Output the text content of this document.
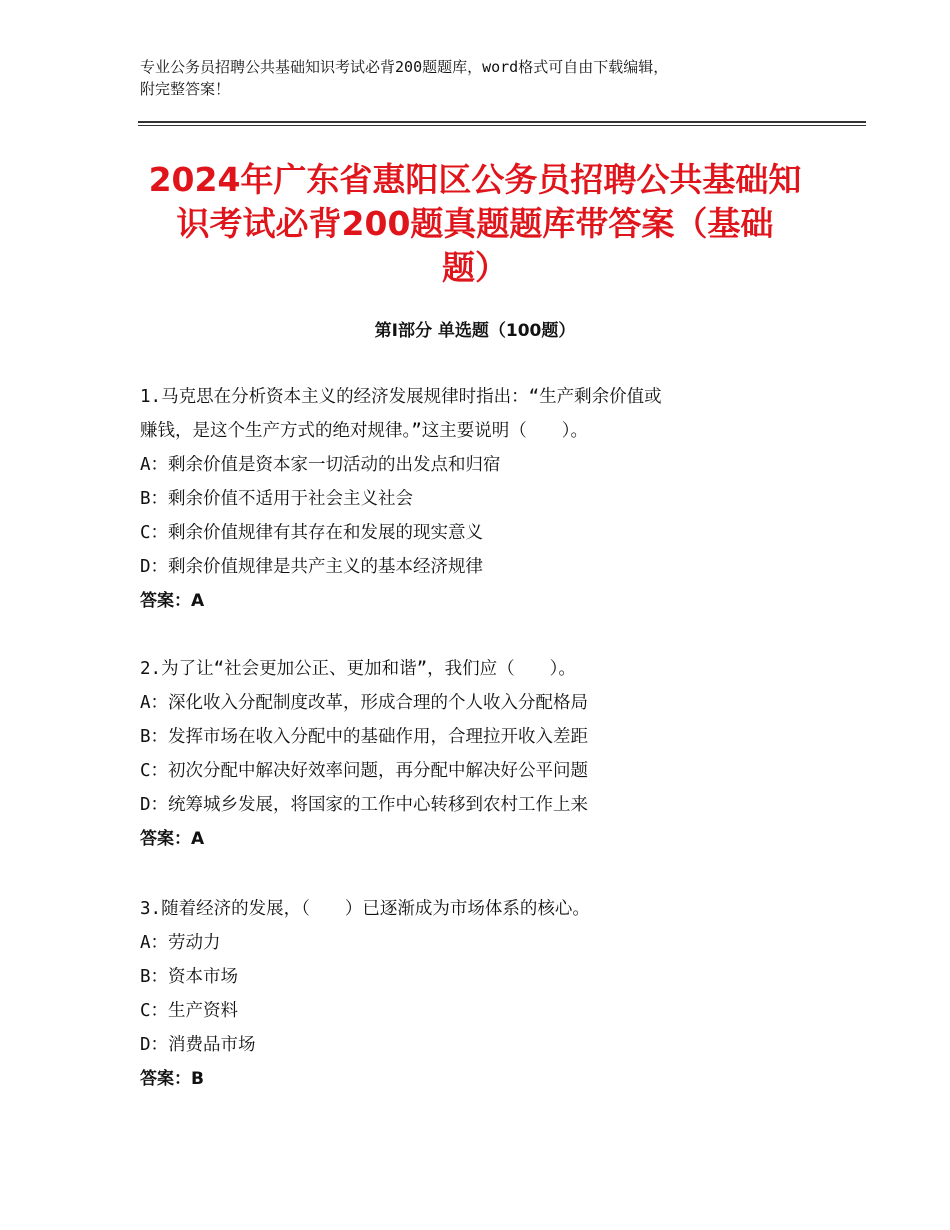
专业公务员招聘公共基础知识考试必背200题题库，word格式可自由下载编辑，
附完整答案！
2024年广东省惠阳区公务员招聘公共基础知
识考试必背200题真题题库带答案（基础
题）
第Ⅰ部分 单选题（100题）
1.马克思在分析资本主义的经济发展规律时指出：“生产剩余价值或
赚钱，是这个生产方式的绝对规律。”这主要说明（　　）。
A：剩余价值是资本家一切活动的出发点和归宿
B：剩余价值不适用于社会主义社会
C：剩余价值规律有其存在和发展的现实意义
D：剩余价值规律是共产主义的基本经济规律
答案：A
2.为了让“社会更加公正、更加和谐”，我们应（　　）。
A：深化收入分配制度改革，形成合理的个人收入分配格局
B：发挥市场在收入分配中的基础作用，合理拉开收入差距
C：初次分配中解决好效率问题，再分配中解决好公平问题
D：统筹城乡发展，将国家的工作中心转移到农村工作上来
答案：A
3.随着经济的发展，（　　）已逐渐成为市场体系的核心。
A：劳动力
B：资本市场
C：生产资料
D：消费品市场
答案：B
